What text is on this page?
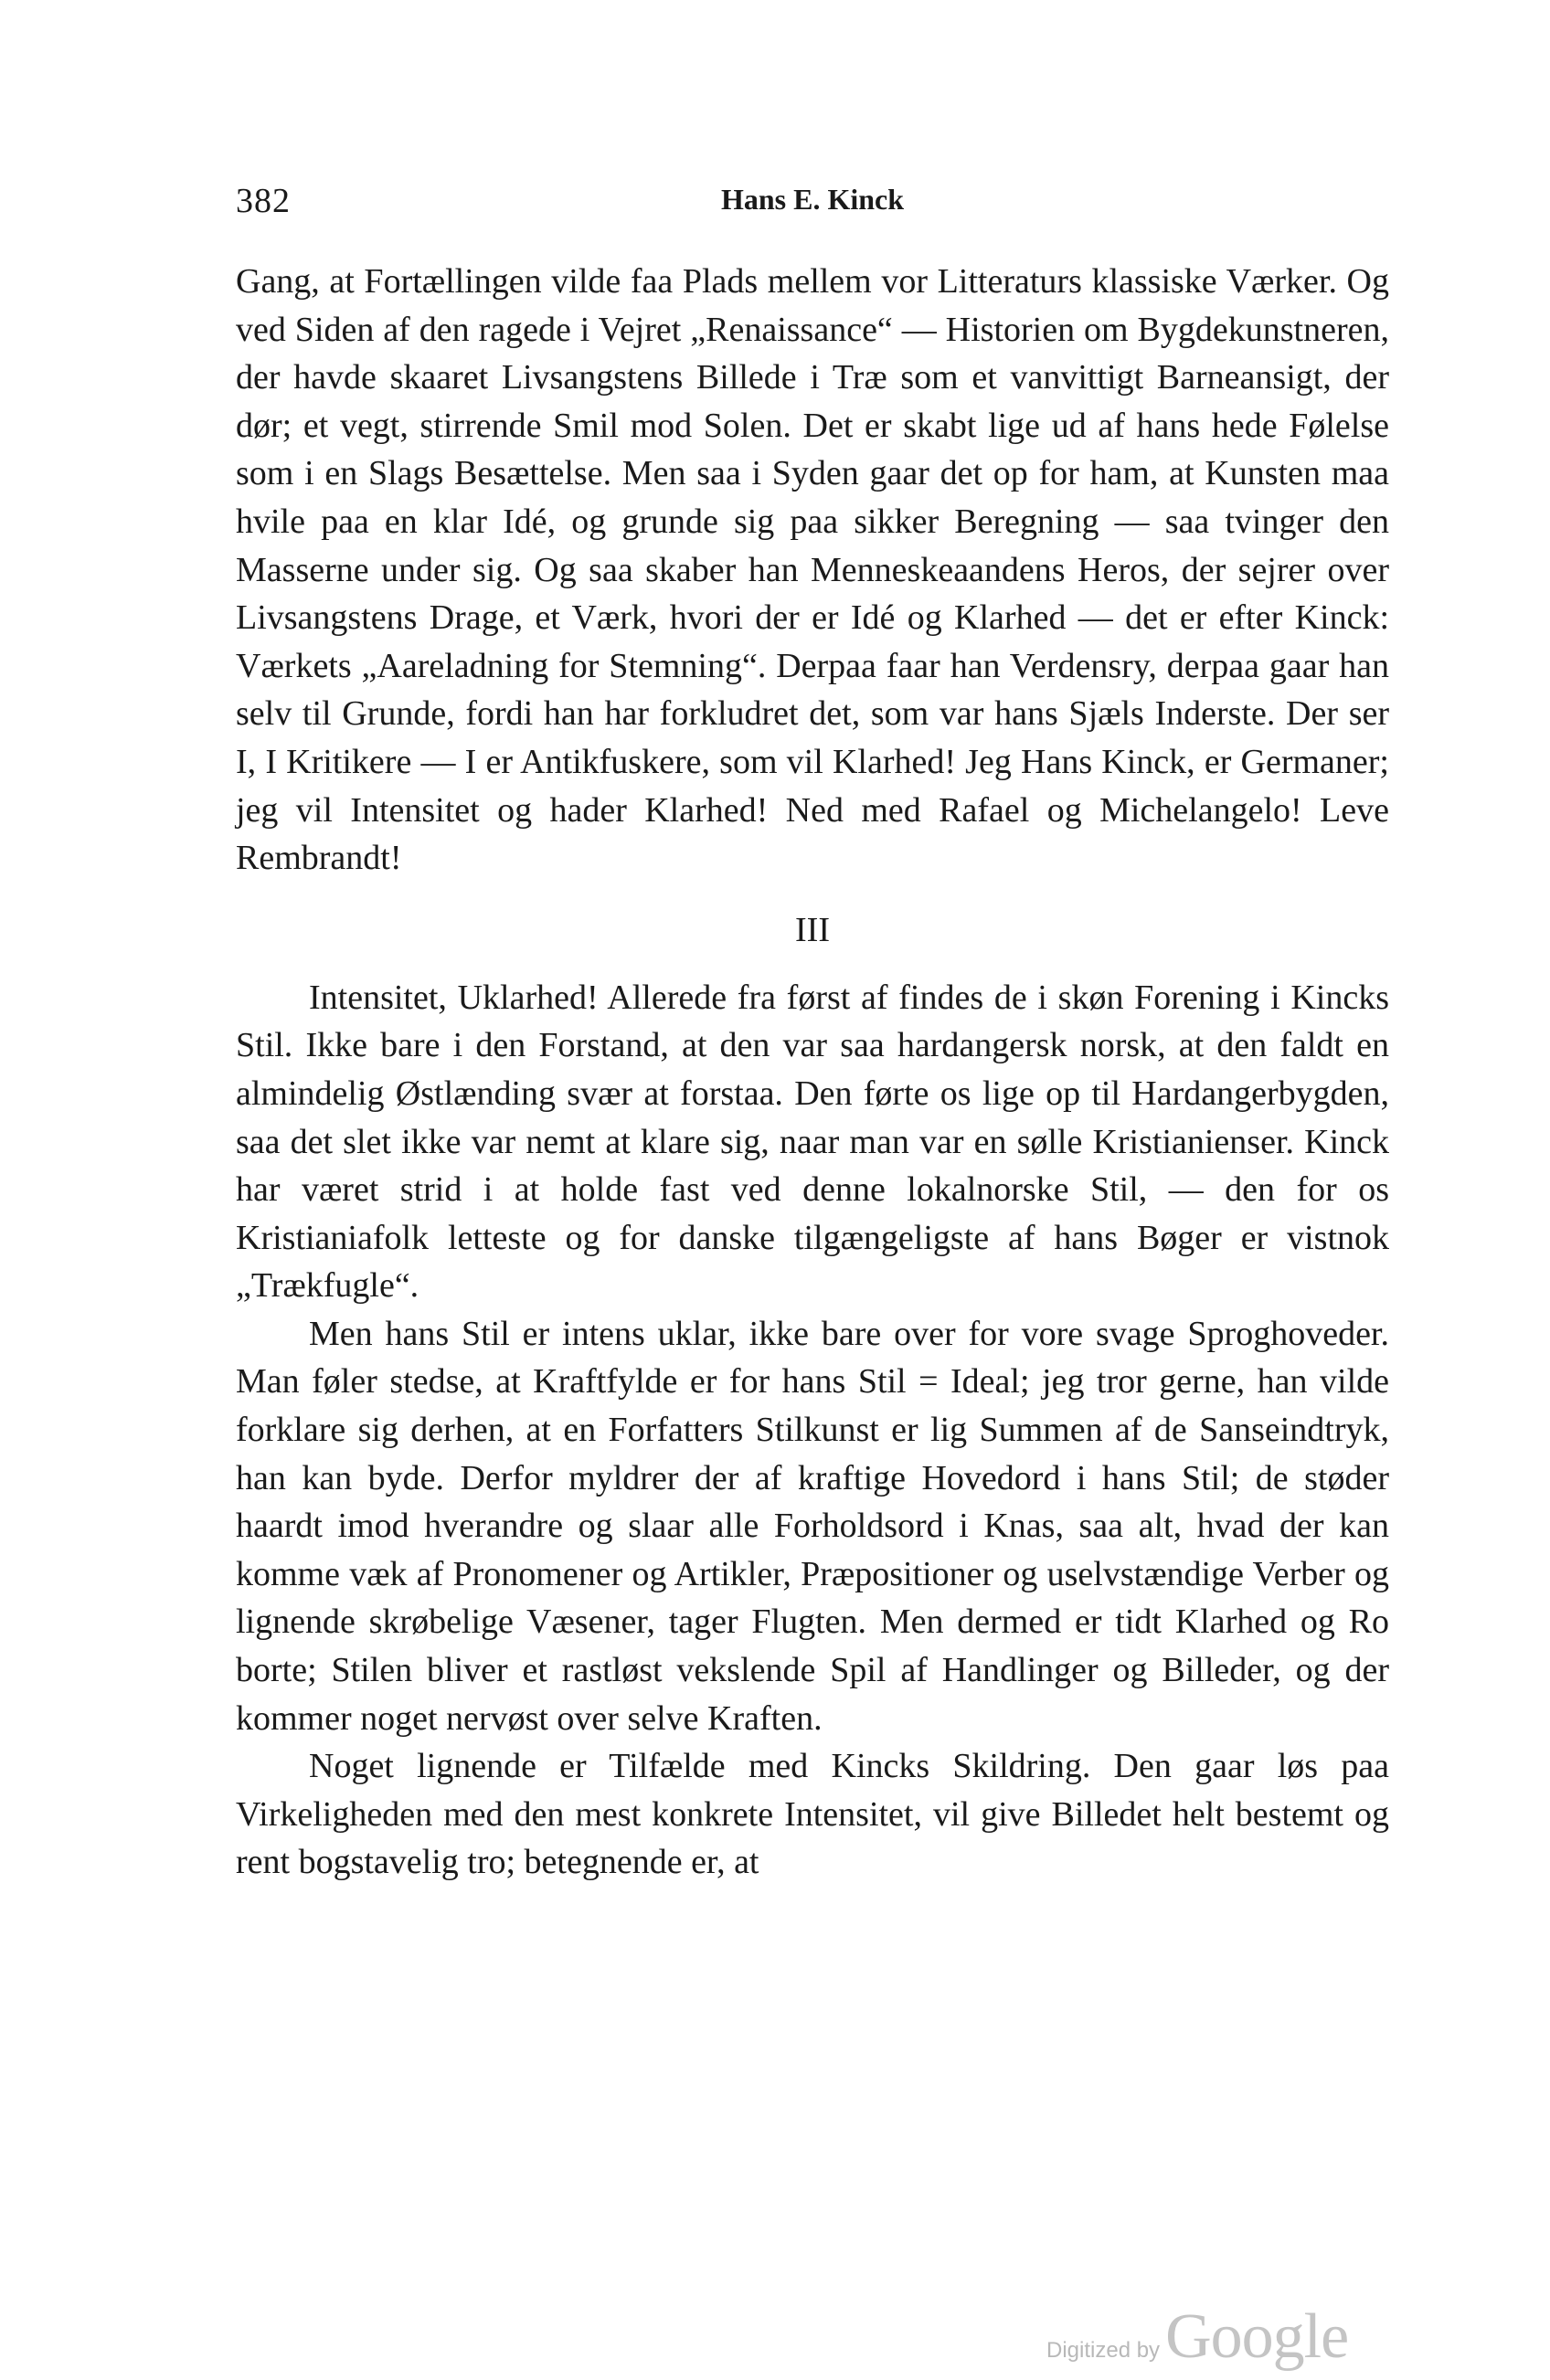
382	Hans E. Kinck

Gang, at Fortællingen vilde faa Plads mellem vor Litteraturs klassiske Værker. Og ved Siden af den ragede i Vejret „Renaissance“ — Historien om Bygdekunstneren, der havde skaaret Livsangstens Billede i Træ som et vanvittigt Barneansigt, der dør; et vegt, stirrende Smil mod Solen. Det er skabt lige ud af hans hede Følelse som i en Slags Besættelse. Men saa i Syden gaar det op for ham, at Kunsten maa hvile paa en klar Idé, og grunde sig paa sikker Beregning — saa tvinger den Masserne under sig. Og saa skaber han Menneskeaandens Heros, der sejrer over Livsangstens Drage, et Værk, hvori der er Idé og Klarhed — det er efter Kinck: Værkets „Aareladning for Stemning“. Derpaa faar han Verdensry, derpaa gaar han selv til Grunde, fordi han har forkludret det, som var hans Sjæls Inderste. Der ser I, I Kritikere — I er Antikfuskere, som vil Klarhed! Jeg Hans Kinck, er Germaner; jeg vil Intensitet og hader Klarhed! Ned med Rafael og Michelangelo! Leve Rembrandt!

III

Intensitet, Uklarhed! Allerede fra først af findes de i skøn Forening i Kincks Stil. Ikke bare i den Forstand, at den var saa hardangersk norsk, at den faldt en almindelig Østlænding svær at forstaa. Den førte os lige op til Hardangerbygden, saa det slet ikke var nemt at klare sig, naar man var en sølle Kristianienser. Kinck har været strid i at holde fast ved denne lokalnorske Stil, — den for os Kristianiafolk letteste og for danske tilgængeligste af hans Bøger er vistnok „Trækfugle“.

Men hans Stil er intens uklar, ikke bare over for vore svage Sproghoveder. Man føler stedse, at Kraftfylde er for hans Stil = Ideal; jeg tror gerne, han vilde forklare sig derhen, at en Forfatters Stilkunst er lig Summen af de Sanseindtryk, han kan byde. Derfor myldrer der af kraftige Hovedord i hans Stil; de støder haardt imod hverandre og slaar alle Forholdsord i Knas, saa alt, hvad der kan komme væk af Pronomener og Artikler, Præpositioner og uselvstændige Verber og lignende skrøbelige Væsener, tager Flugten. Men dermed er tidt Klarhed og Ro borte; Stilen bliver et rastløst vekslende Spil af Handlinger og Billeder, og der kommer noget nervøst over selve Kraften.

Noget lignende er Tilfælde med Kincks Skildring. Den gaar løs paa Virkeligheden med den mest konkrete Intensitet, vil give Billedet helt bestemt og rent bogstavelig tro; betegnende er, at

Digitized by Google
